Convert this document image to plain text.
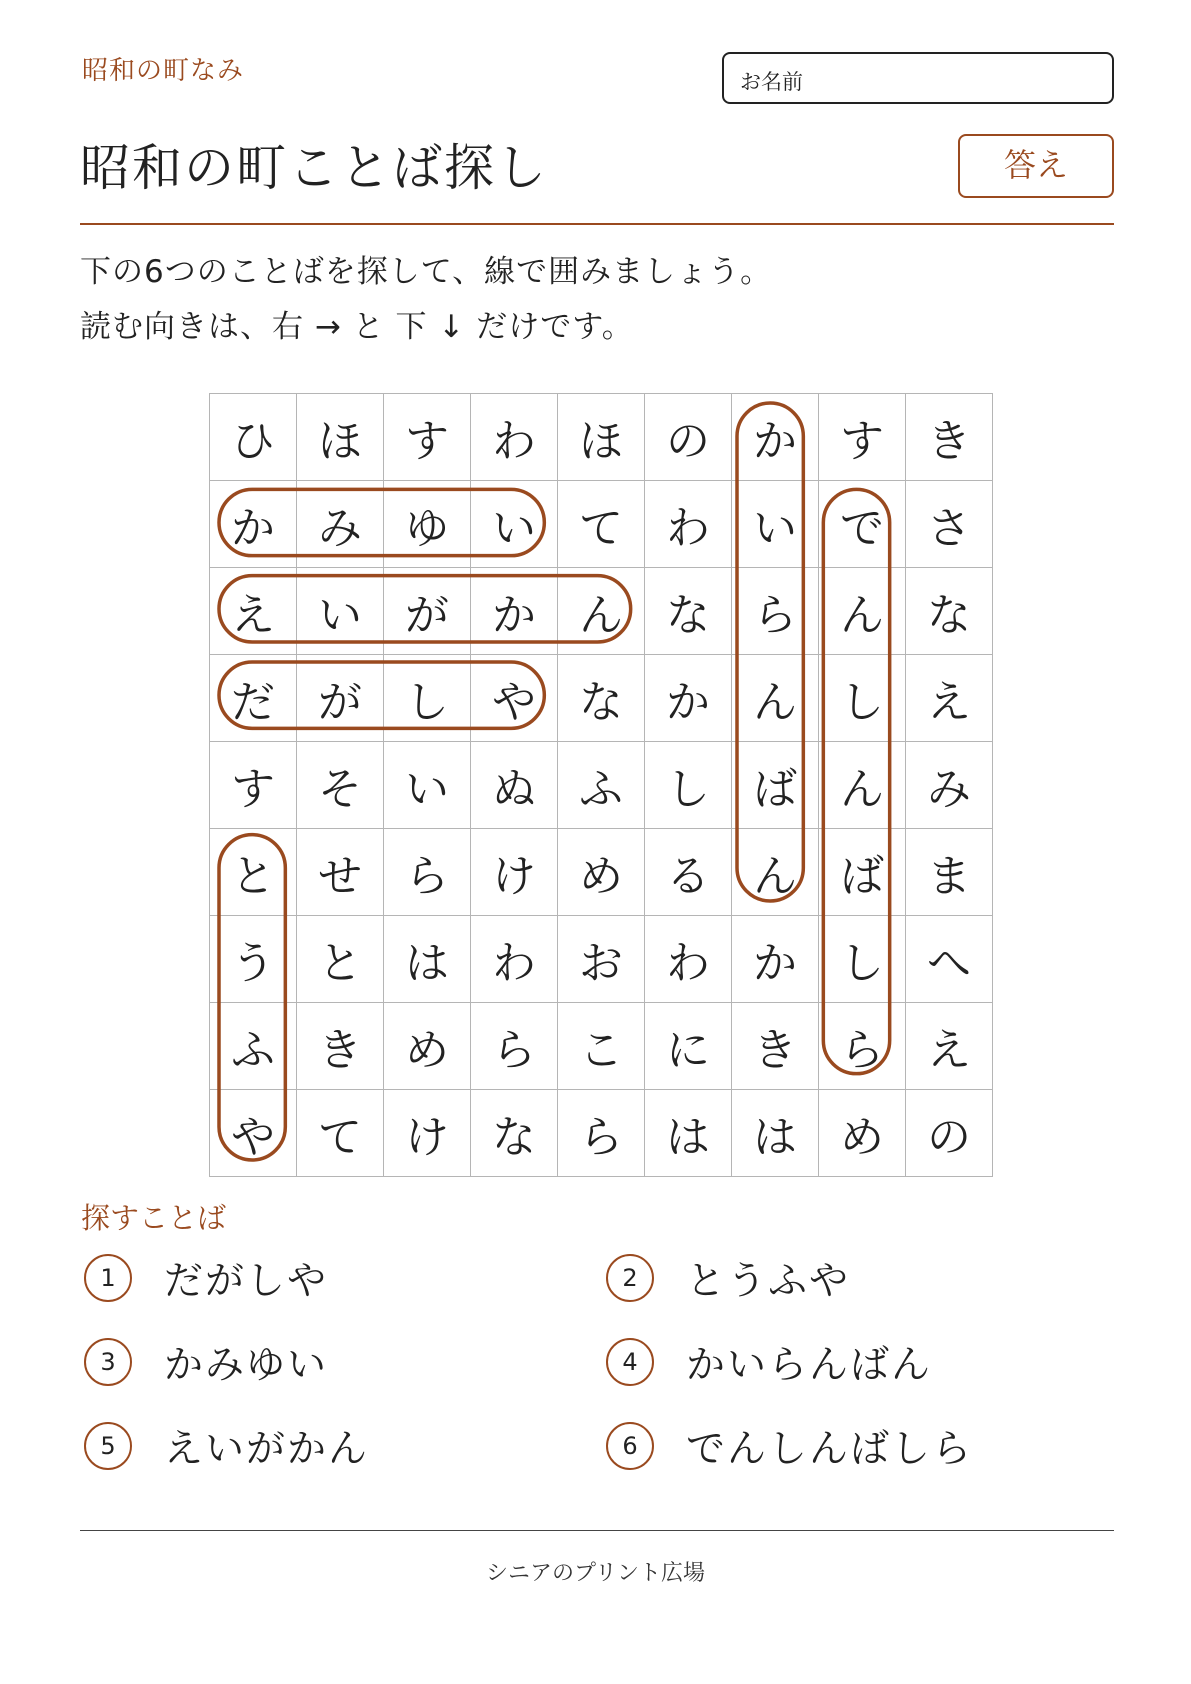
昭和の町なみ	お名前
昭和の町ことば探し	答え
下の6つのことばを探して、線で囲みましょう。
読む向きは、右 → と 下 ↓ だけです。
ひ	ほ	す	わ	ほ	の	か	す	き
か	み	ゆ	い	て	わ	い	で	さ
え	い	が	か	ん	な	ら	ん	な
だ	が	し	や	な	か	ん	し	え
す	そ	い	ぬ	ふ	し	ば	ん	み
と	せ	ら	け	め	る	ん	ば	ま
う	と	は	わ	お	わ	か	し	へ
ふ	き	め	ら	こ	に	き	ら	え
や	て	け	な	ら	は	は	め	の
探すことば
1	だがしや	2	とうふや
3	かみゆい	4	かいらんばん
5	えいがかん	6	でんしんばしら
シニアのプリント広場
